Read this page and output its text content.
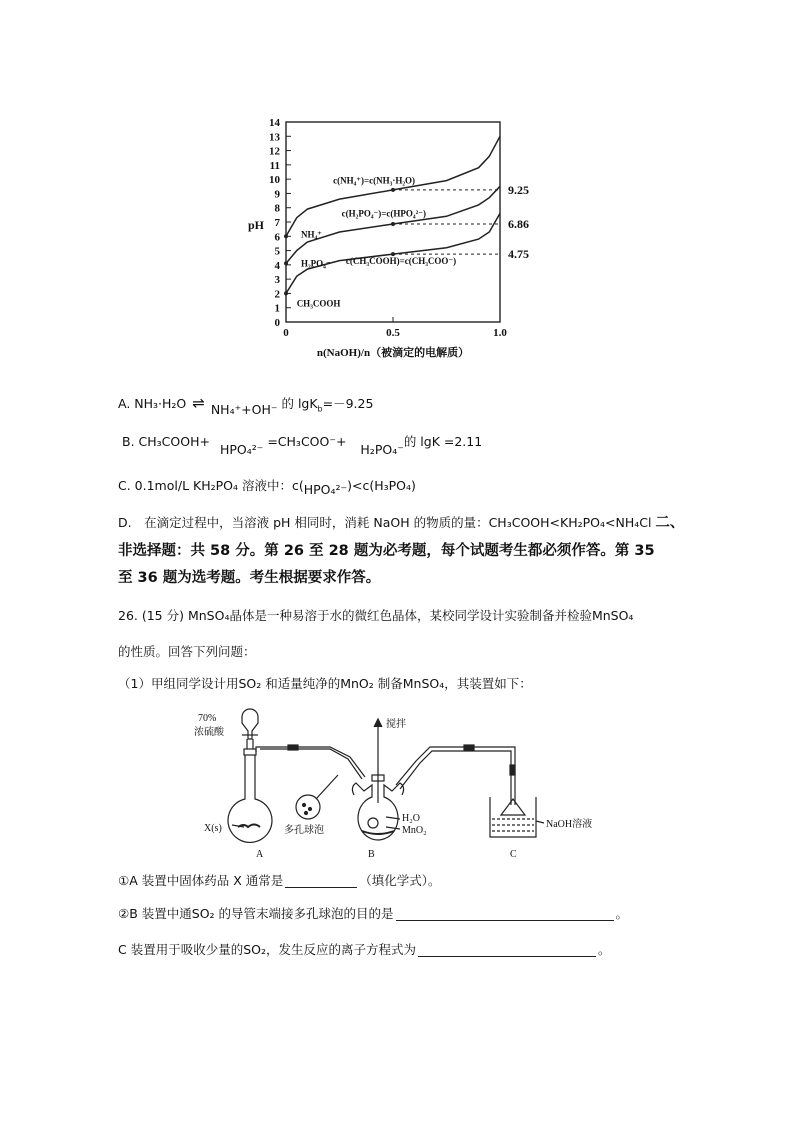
0
1
2
3
4
5
6
7
8
9
10
11
12
13
14
0	0.5	1.0
pH
n(NaOH)/n（被滴定的电解质）
9.25
6.86
4.75
c(NH₄⁺)=c(NH₃·H₂O)
c(H₂PO₄⁻)=c(HPO₄²⁻)
c(CH₃COOH)=c(CH₃COO⁻)
NH₄⁺
H₂PO₄⁻
CH₃COOH
A. NH₃·H₂O ⇌ NH₄⁺+OH⁻ 的 lgK$_b$=－9.25
B. CH₃COOH+ HPO₄²⁻ =CH₃COO⁻+ H₂PO₄⁻的 lgK =2.11
C. 0.1mol/L KH₂PO₄ 溶液中：c(HPO₄²⁻)<c(H₃PO₄)
D.　在滴定过程中，当溶液 pH 相同时，消耗 NaOH 的物质的量：CH₃COOH<KH₂PO₄<NH₄Cl 二、
非选择题：共 58 分。第 26 至 28 题为必考题，每个试题考生都必须作答。第 35
至 36 题为选考题。考生根据要求作答。
26. (15 分) MnSO₄晶体是一种易溶于水的微红色晶体，某校同学设计实验制备并检验MnSO₄
的性质。回答下列问题：
（1）甲组同学设计用SO₂ 和适量纯净的MnO₂ 制备MnSO₄，其装置如下：
70%
浓硫酸
X(s)
搅拌
多孔球泡
H₂O
MnO₂
NaOH溶液
A	B	C
①A 装置中固体药品 X 通常是	（填化学式）。
②B 装置中通SO₂ 的导管末端接多孔球泡的目的是	。
C 装置用于吸收少量的SO₂，发生反应的离子方程式为	。
